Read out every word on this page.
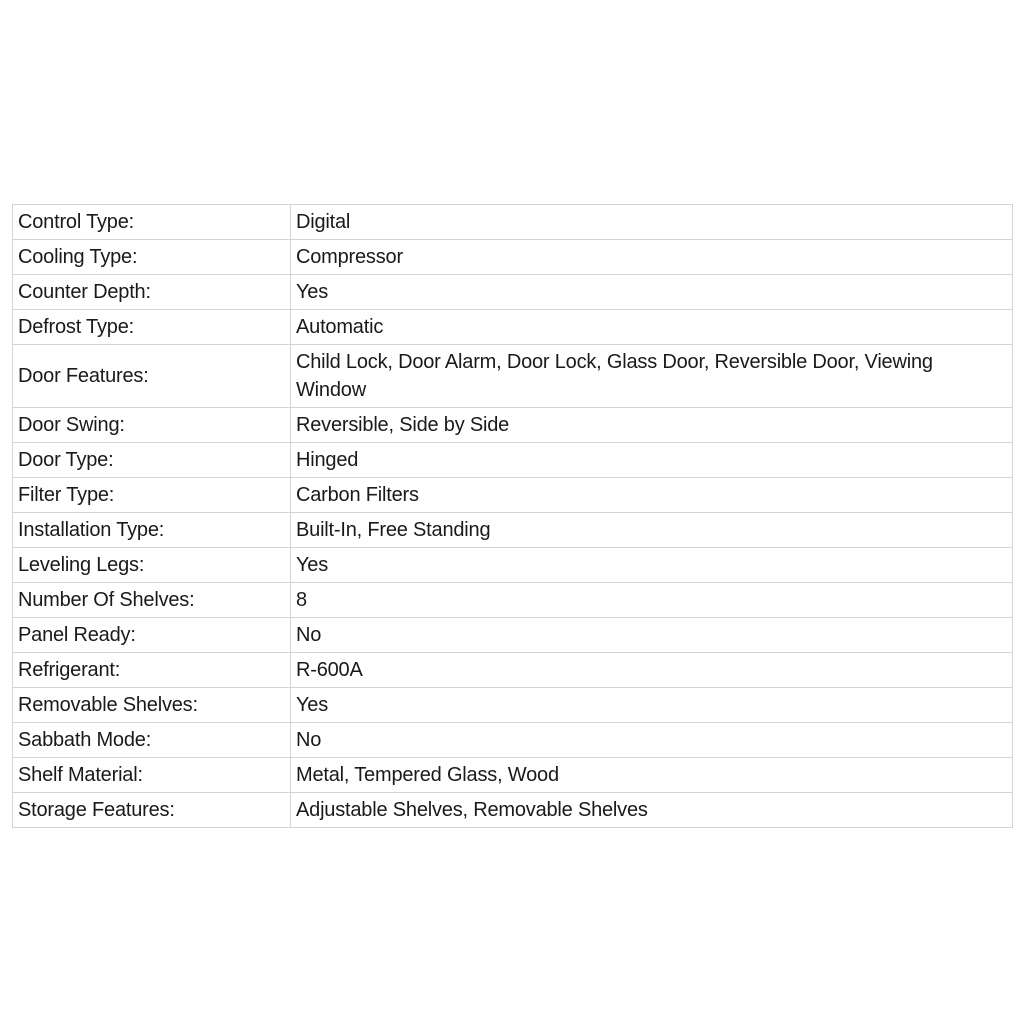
Control Type:	Digital
Cooling Type:	Compressor
Counter Depth:	Yes
Defrost Type:	Automatic
Door Features:	Child Lock, Door Alarm, Door Lock, Glass Door, Reversible Door, Viewing Window
Door Swing:	Reversible, Side by Side
Door Type:	Hinged
Filter Type:	Carbon Filters
Installation Type:	Built-In, Free Standing
Leveling Legs:	Yes
Number Of Shelves:	8
Panel Ready:	No
Refrigerant:	R-600A
Removable Shelves:	Yes
Sabbath Mode:	No
Shelf Material:	Metal, Tempered Glass, Wood
Storage Features:	Adjustable Shelves, Removable Shelves
